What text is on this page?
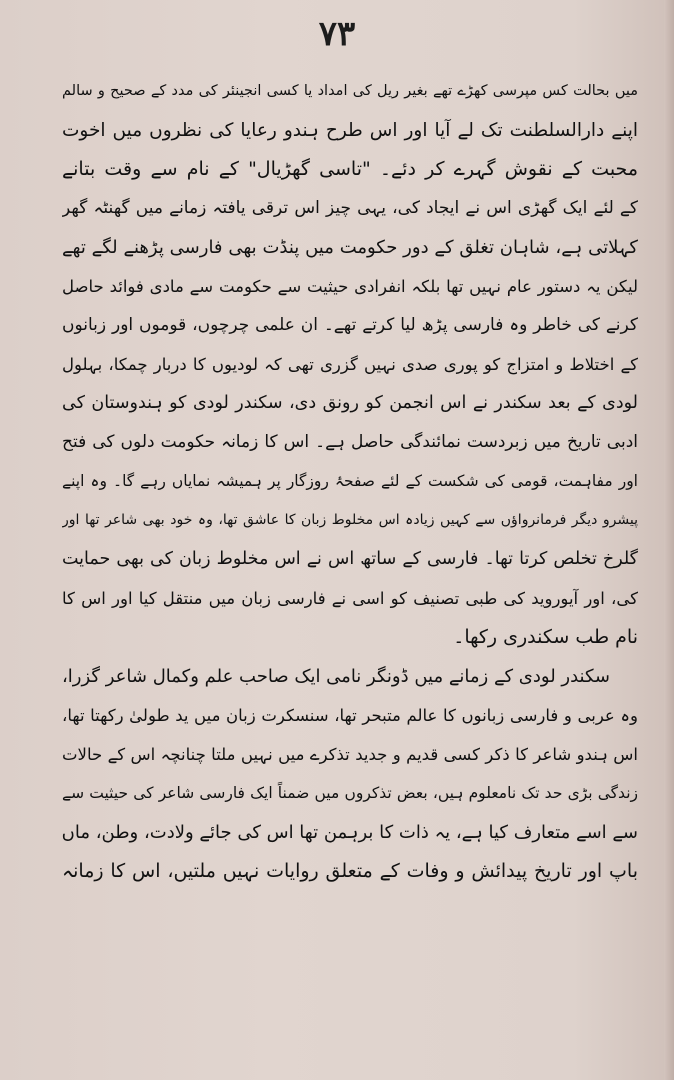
۷۳
میں بحالت کس مپرسی کھڑے تھے بغیر ریل کی امداد یا کسی انجینئر کی مدد کے صحیح و سالم
اپنے دارالسلطنت تک لے آیا اور اس طرح ہندو رعایا کی نظروں میں اخوت
محبت کے نقوش گہرے کر دئے۔ "تاسی گھڑیال" کے نام سے وقت بتانے
کے لئے ایک گھڑی اس نے ایجاد کی، یہی چیز اس ترقی یافتہ زمانے میں گھنٹہ گھر
کہلاتی ہے، شاہان تغلق کے دور حکومت میں پنڈت بھی فارسی پڑھنے لگے تھے
لیکن یہ دستور عام نہیں تھا بلکہ انفرادی حیثیت سے حکومت سے مادی فوائد حاصل
کرنے کی خاطر وہ فارسی پڑھ لیا کرتے تھے۔ ان علمی چرچوں، قوموں اور زبانوں
کے اختلاط و امتزاج کو پوری صدی نہیں گزری تھی کہ لودیوں کا دربار چمکا، بہلول
لودی کے بعد سکندر نے اس انجمن کو رونق دی، سکندر لودی کو ہندوستان کی
ادبی تاریخ میں زبردست نمائندگی حاصل ہے۔ اس کا زمانہ حکومت دلوں کی فتح
اور مفاہمت، قومی کی شکست کے لئے صفحۂ روزگار پر ہمیشہ نمایاں رہے گا۔ وہ اپنے
پیشرو دیگر فرمانرواؤں سے کہیں زیادہ اس مخلوط زبان کا عاشق تھا، وہ خود بھی شاعر تھا اور
گلرخ تخلص کرتا تھا۔ فارسی کے ساتھ اس نے اس مخلوط زبان کی بھی حمایت
کی، اور آیوروید کی طبی تصنیف کو اسی نے فارسی زبان میں منتقل کیا اور اس کا
نام طب سکندری رکھا۔
سکندر لودی کے زمانے میں ڈونگر نامی ایک صاحب علم وکمال شاعر گزرا،
وہ عربی و فارسی زبانوں کا عالم متبحر تھا، سنسکرت زبان میں ید طولیٰ رکھتا تھا،
اس ہندو شاعر کا ذکر کسی قدیم و جدید تذکرے میں نہیں ملتا چنانچہ اس کے حالات
زندگی بڑی حد تک نامعلوم ہیں، بعض تذکروں میں ضمناً ایک فارسی شاعر کی حیثیت سے
سے اسے متعارف کیا ہے، یہ ذات کا برہمن تھا اس کی جائے ولادت، وطن، ماں
باپ اور تاریخ پیدائش و وفات کے متعلق روایات نہیں ملتیں، اس کا زمانہ
